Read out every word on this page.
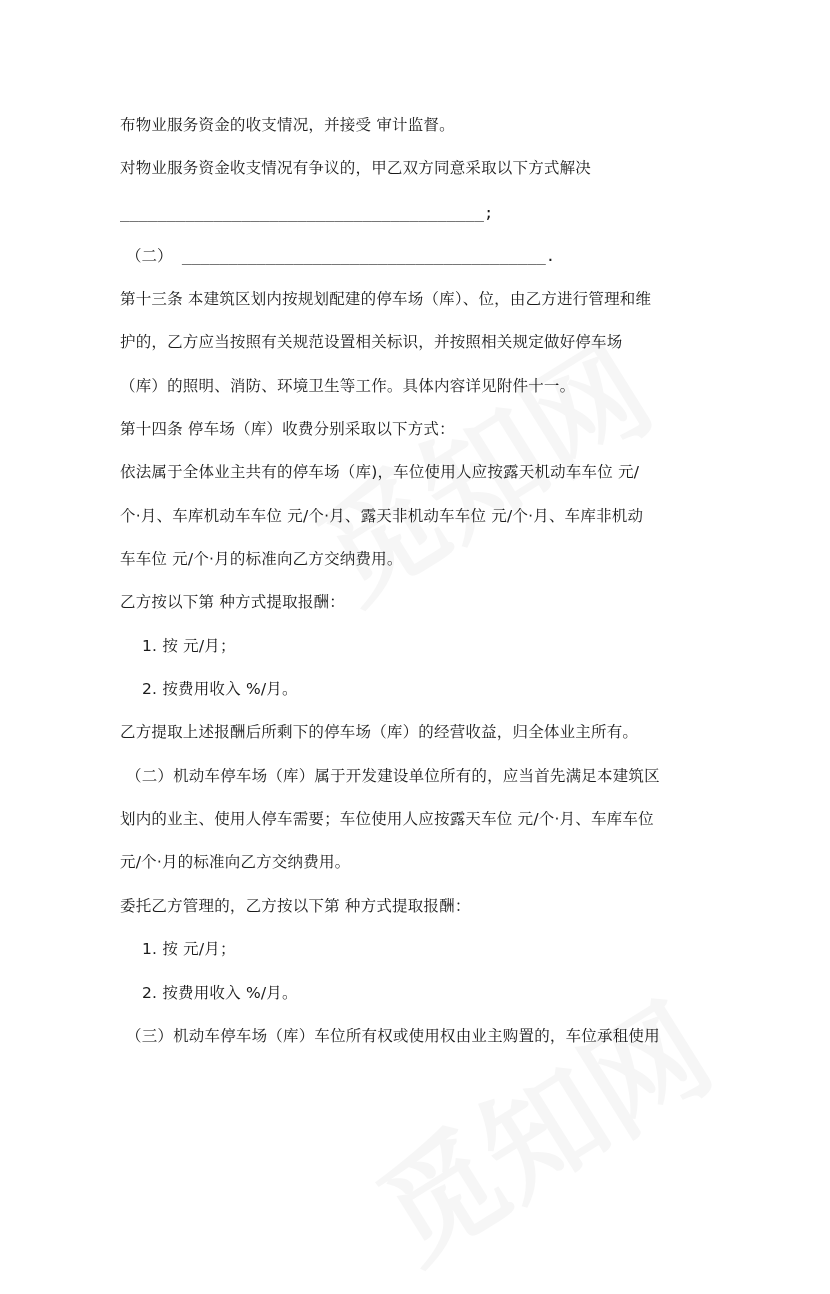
布物业服务资金的收支情况，并接受 审计监督。
对物业服务资金收支情况有争议的，甲乙双方同意采取以下方式解决
_______________________________________;
（二） _______________________________________.
第十三条 本建筑区划内按规划配建的停车场（库）、位，由乙方进行管理和维
护的，乙方应当按照有关规范设置相关标识，并按照相关规定做好停车场
（库）的照明、消防、环境卫生等工作。具体内容详见附件十一。
第十四条 停车场（库）收费分别采取以下方式：
依法属于全体业主共有的停车场（库)，车位使用人应按露天机动车车位 元/
个·月、车库机动车车位 元/个·月、露天非机动车车位 元/个·月、车库非机动
车车位 元/个·月的标准向乙方交纳费用。
乙方按以下第 种方式提取报酬：
1. 按 元/月；
2. 按费用收入 %/月。
乙方提取上述报酬后所剩下的停车场（库）的经营收益，归全体业主所有。
（二）机动车停车场（库）属于开发建设单位所有的，应当首先满足本建筑区
划内的业主、使用人停车需要；车位使用人应按露天车位 元/个·月、车库车位
元/个·月的标准向乙方交纳费用。
委托乙方管理的，乙方按以下第 种方式提取报酬：
1. 按 元/月；
2. 按费用收入 %/月。
（三）机动车停车场（库）车位所有权或使用权由业主购置的，车位承租使用
